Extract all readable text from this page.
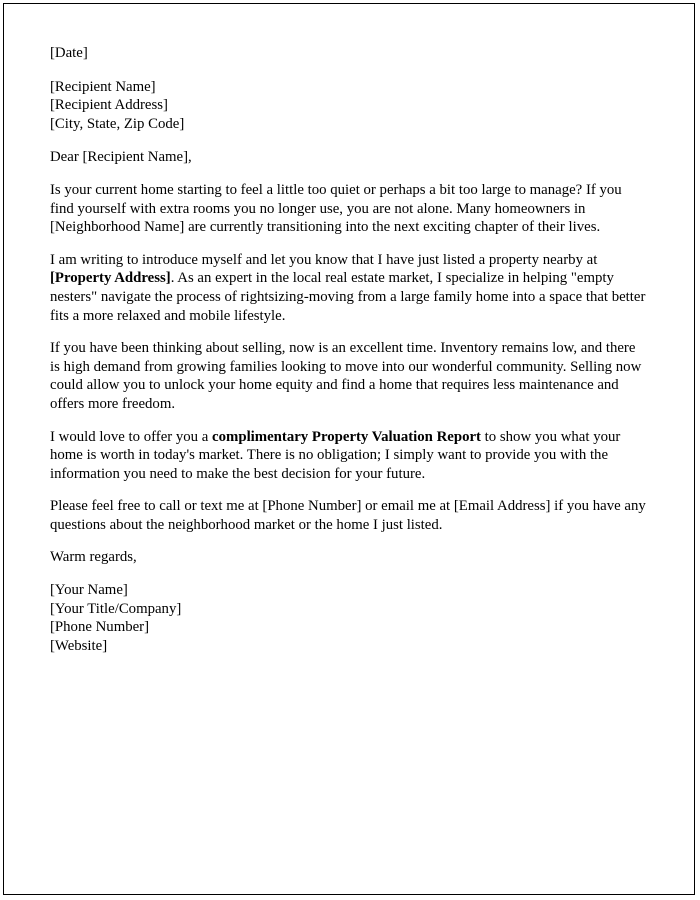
[Date]

[Recipient Name]
[Recipient Address]
[City, State, Zip Code]

Dear [Recipient Name],

Is your current home starting to feel a little too quiet or perhaps a bit too large to manage? If you find yourself with extra rooms you no longer use, you are not alone. Many homeowners in [Neighborhood Name] are currently transitioning into the next exciting chapter of their lives.

I am writing to introduce myself and let you know that I have just listed a property nearby at [Property Address]. As an expert in the local real estate market, I specialize in helping "empty nesters" navigate the process of rightsizing-moving from a large family home into a space that better fits a more relaxed and mobile lifestyle.

If you have been thinking about selling, now is an excellent time. Inventory remains low, and there is high demand from growing families looking to move into our wonderful community. Selling now could allow you to unlock your home equity and find a home that requires less maintenance and offers more freedom.

I would love to offer you a complimentary Property Valuation Report to show you what your home is worth in today's market. There is no obligation; I simply want to provide you with the information you need to make the best decision for your future.

Please feel free to call or text me at [Phone Number] or email me at [Email Address] if you have any questions about the neighborhood market or the home I just listed.

Warm regards,

[Your Name]
[Your Title/Company]
[Phone Number]
[Website]
